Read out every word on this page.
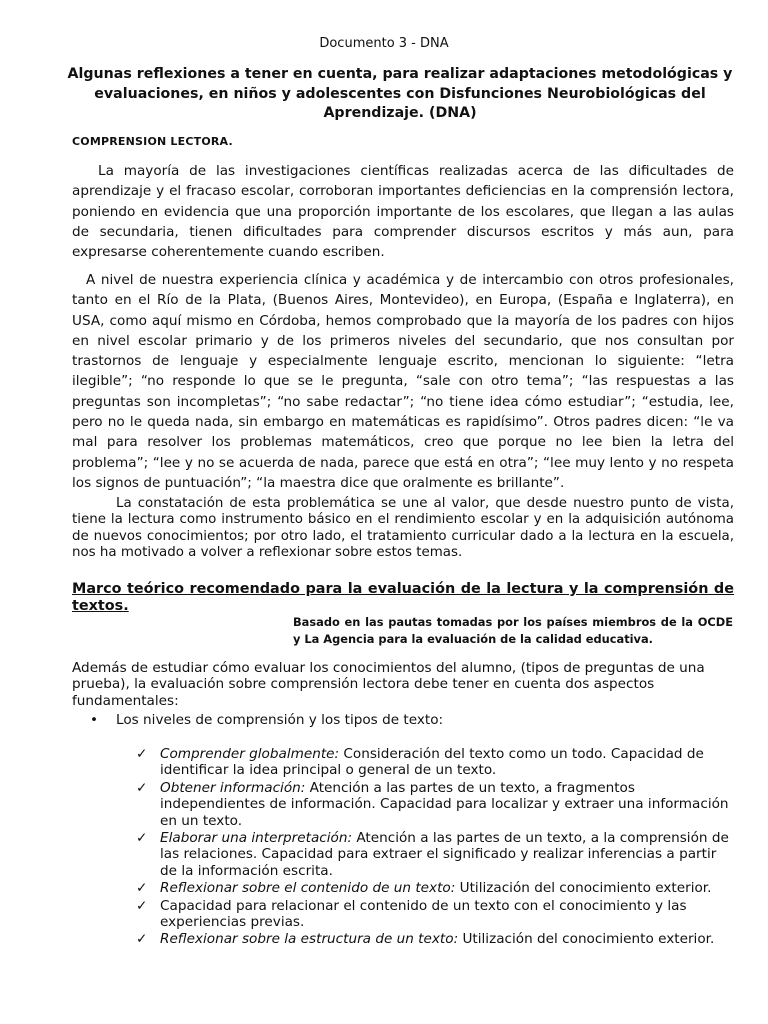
Documento 3 - DNA
Algunas reflexiones a tener en cuenta, para realizar adaptaciones metodológicas y evaluaciones, en niños y adolescentes con Disfunciones Neurobiológicas del Aprendizaje. (DNA)
COMPRENSION LECTORA.
La mayoría de las investigaciones científicas realizadas acerca de las dificultades de aprendizaje y el fracaso escolar, corroboran importantes deficiencias en la comprensión lectora, poniendo en evidencia que una proporción importante de los escolares, que llegan a las aulas de secundaria, tienen dificultades para comprender discursos escritos y más aun, para expresarse coherentemente cuando escriben.
A nivel de nuestra experiencia clínica y académica y de intercambio con otros profesionales, tanto en el Río de la Plata, (Buenos Aires, Montevideo), en Europa, (España e Inglaterra), en USA, como aquí mismo en Córdoba, hemos comprobado que la mayoría de los padres con hijos en nivel escolar primario y de los primeros niveles del secundario, que nos consultan por trastornos de lenguaje y especialmente lenguaje escrito, mencionan lo siguiente: “letra ilegible”; “no responde lo que se le pregunta, “sale con otro tema”; “las respuestas a las preguntas son incompletas”; “no sabe redactar”; “no tiene idea cómo estudiar”; “estudia, lee, pero no le queda nada, sin embargo en matemáticas es rapidísimo”. Otros padres dicen: “le va mal para resolver los problemas matemáticos, creo que porque no lee bien la letra del problema”; “lee y no se acuerda de nada, parece que está en otra”; “lee muy lento y no respeta los signos de puntuación”; “la maestra dice que oralmente es brillante”.
La constatación de esta problemática se une al valor, que desde nuestro punto de vista, tiene la lectura como instrumento básico en el rendimiento escolar y en la adquisición autónoma de nuevos conocimientos; por otro lado, el tratamiento curricular dado a la lectura en la escuela, nos ha motivado a volver a reflexionar sobre estos temas.
Marco teórico recomendado para la evaluación de la lectura y la comprensión de textos.
Basado en las pautas tomadas por los países miembros de la OCDE y La Agencia para la evaluación de la calidad educativa.
Además de estudiar cómo evaluar los conocimientos del alumno, (tipos de preguntas de una prueba), la evaluación sobre comprensión lectora debe tener en cuenta dos aspectos fundamentales:
• Los niveles de comprensión y los tipos de texto:
✓ Comprender globalmente: Consideración del texto como un todo. Capacidad de identificar la idea principal o general de un texto.
✓ Obtener información: Atención a las partes de un texto, a fragmentos independientes de información. Capacidad para localizar y extraer una información en un texto.
✓ Elaborar una interpretación: Atención a las partes de un texto, a la comprensión de las relaciones. Capacidad para extraer el significado y realizar inferencias a partir de la información escrita.
✓ Reflexionar sobre el contenido de un texto: Utilización del conocimiento exterior.
✓ Capacidad para relacionar el contenido de un texto con el conocimiento y las experiencias previas.
✓ Reflexionar sobre la estructura de un texto: Utilización del conocimiento exterior.
